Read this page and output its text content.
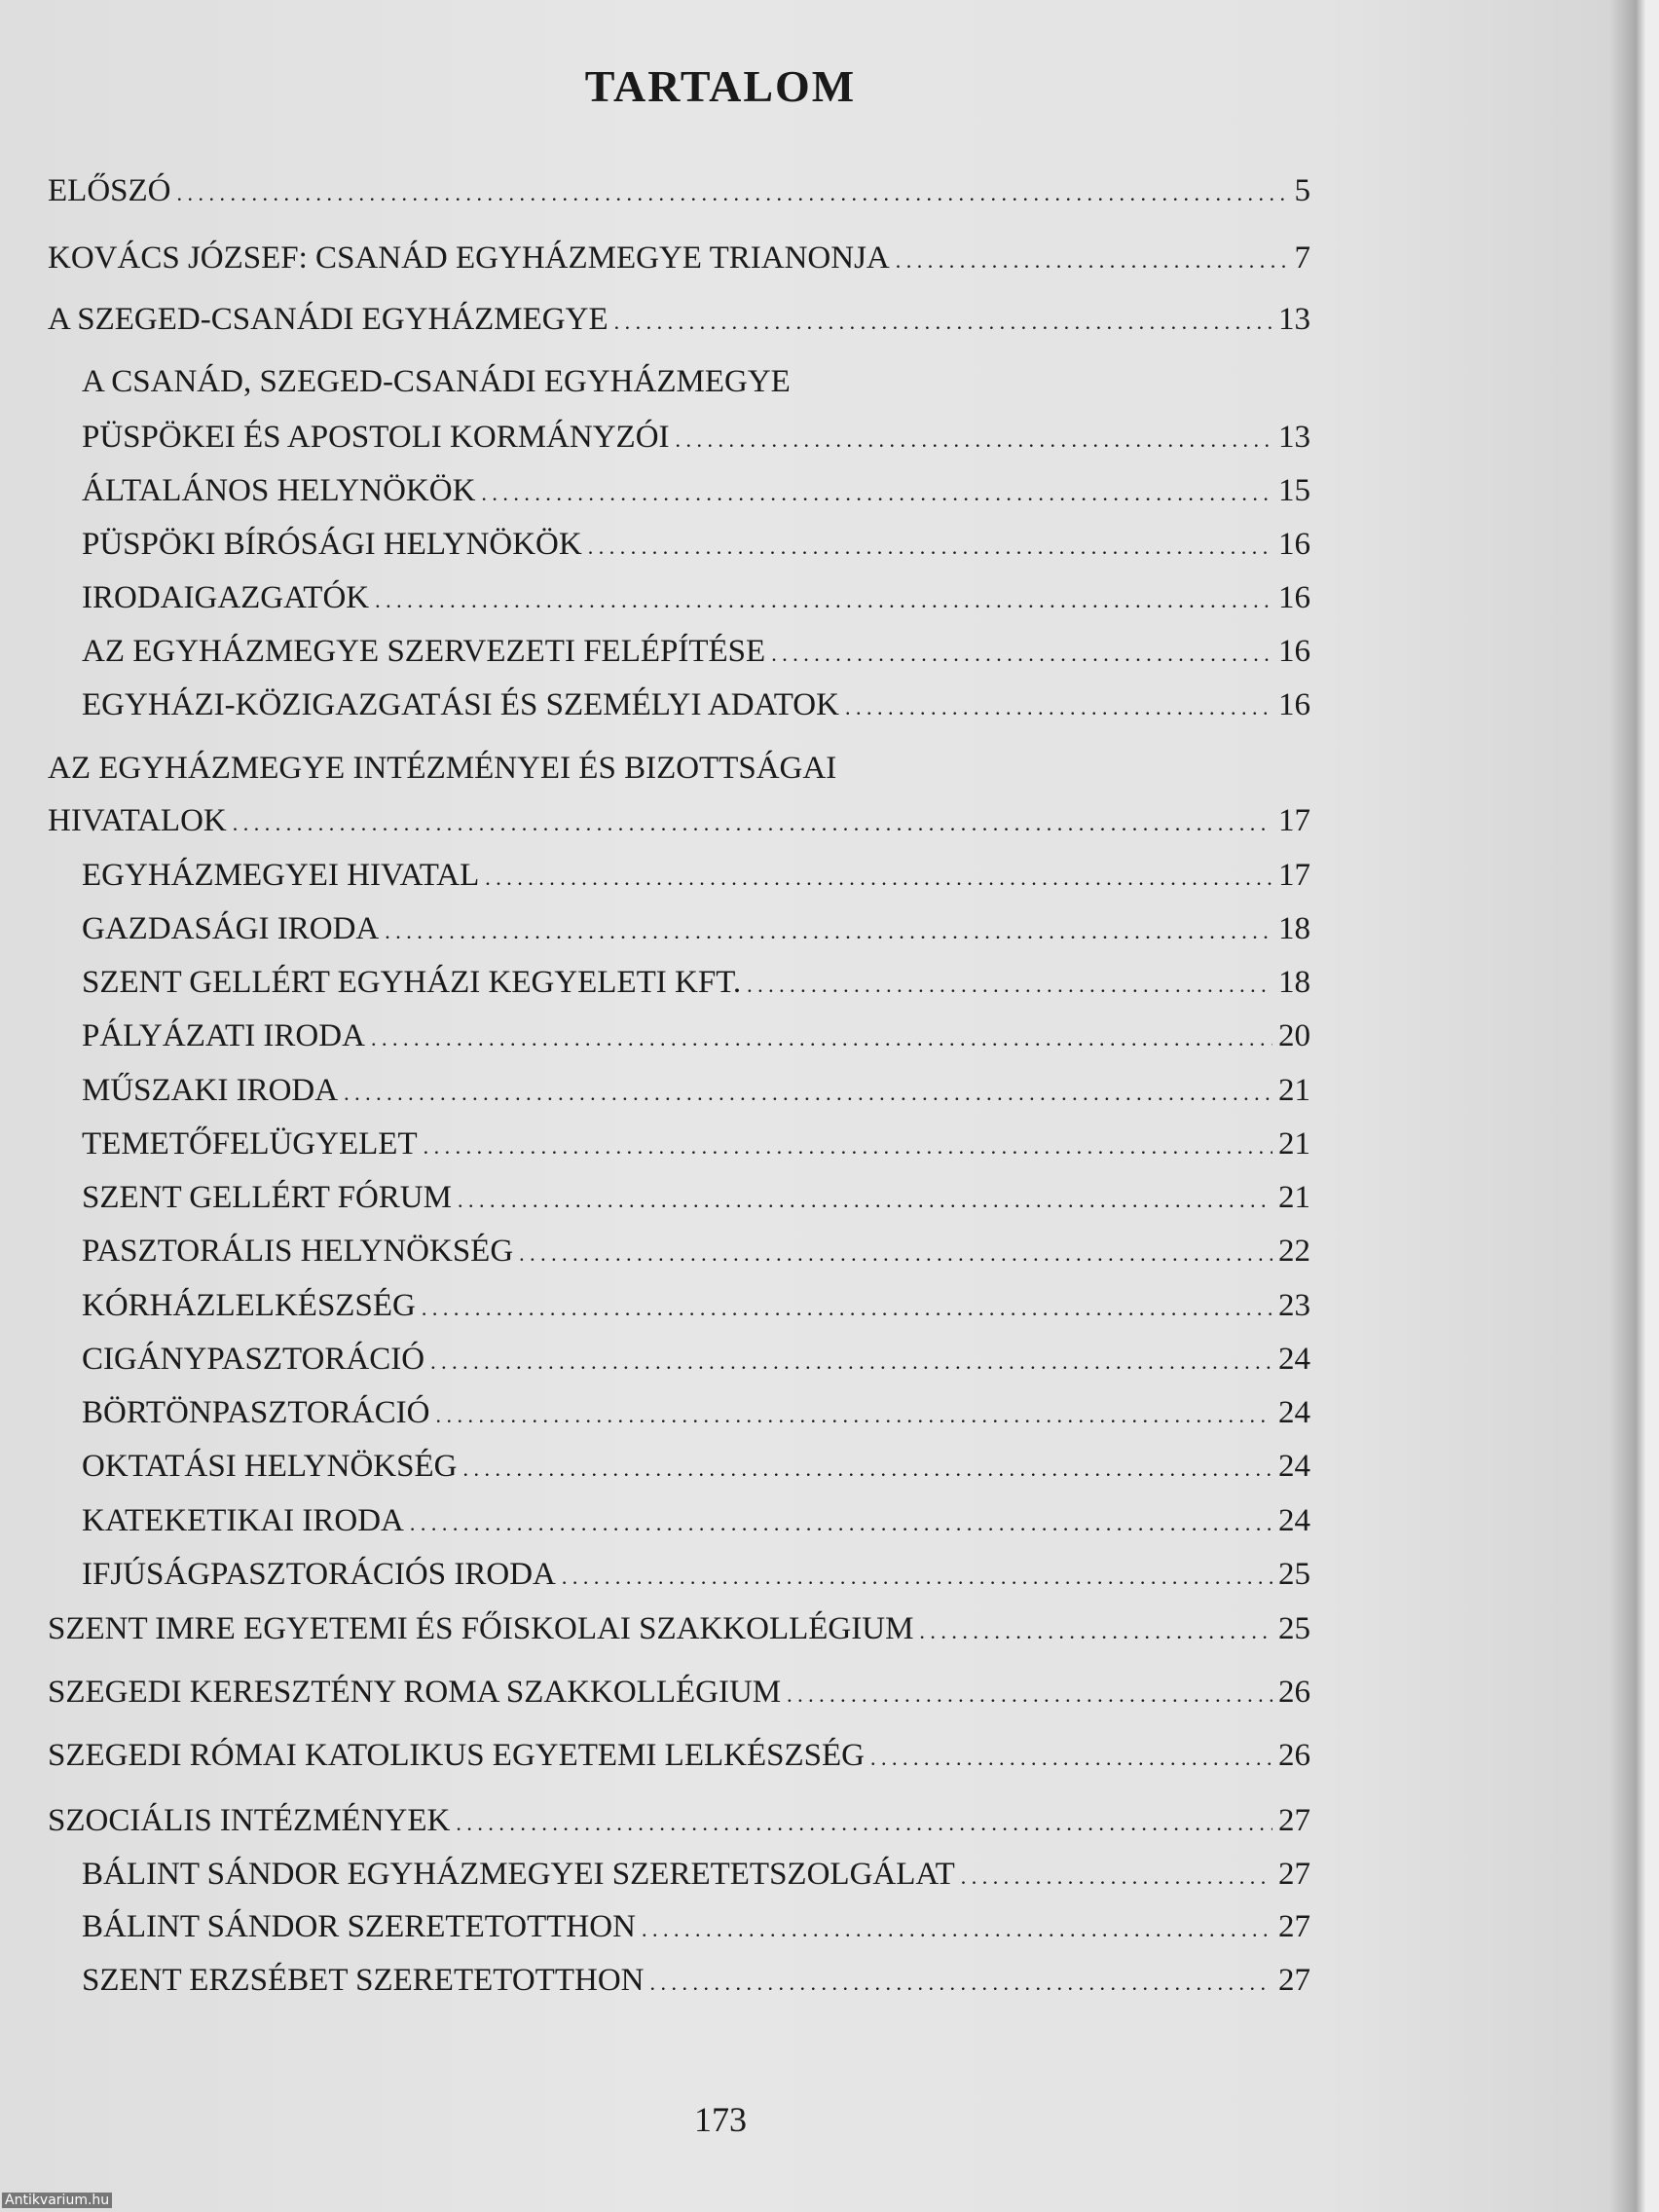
TARTALOM
ELŐSZÓ . . .	5
KOVÁCS JÓZSEF: CSANÁD EGYHÁZMEGYE TRIANONJA . . .	7
A SZEGED-CSANÁDI EGYHÁZMEGYE . . .	13
A CSANÁD, SZEGED-CSANÁDI EGYHÁZMEGYE
PÜSPÖKEI ÉS APOSTOLI KORMÁNYZÓI . . .	13
ÁLTALÁNOS HELYNÖKÖK . . .	15
PÜSPÖKI BÍRÓSÁGI HELYNÖKÖK . . .	16
IRODAIGAZGATÓK . . .	16
AZ EGYHÁZMEGYE SZERVEZETI FELÉPÍTÉSE . . .	16
EGYHÁZI-KÖZIGAZGATÁSI ÉS SZEMÉLYI ADATOK . . .	16
AZ EGYHÁZMEGYE INTÉZMÉNYEI ÉS BIZOTTSÁGAI
HIVATALOK . . .	17
EGYHÁZMEGYEI HIVATAL . . .	17
GAZDASÁGI IRODA . . .	18
SZENT GELLÉRT EGYHÁZI KEGYELETI KFT. . . .	18
PÁLYÁZATI IRODA . . .	20
MŰSZAKI IRODA . . .	21
TEMETŐFELÜGYELET . . .	21
SZENT GELLÉRT FÓRUM . . .	21
PASZTORÁLIS HELYNÖKSÉG . . .	22
KÓRHÁZLELKÉSZSÉG . . .	23
CIGÁNYPASZTORÁCIÓ . . .	24
BÖRTÖNPASZTORÁCIÓ . . .	24
OKTATÁSI HELYNÖKSÉG . . .	24
KATEKETIKAI IRODA . . .	24
IFJÚSÁGPASZTORÁCIÓS IRODA . . .	25
SZENT IMRE EGYETEMI ÉS FŐISKOLAI SZAKKOLLÉGIUM . . .	25
SZEGEDI KERESZTÉNY ROMA SZAKKOLLÉGIUM . . .	26
SZEGEDI RÓMAI KATOLIKUS EGYETEMI LELKÉSZSÉG . . .	26
SZOCIÁLIS INTÉZMÉNYEK . . .	27
BÁLINT SÁNDOR EGYHÁZMEGYEI SZERETETSZOLGÁLAT . . .	27
BÁLINT SÁNDOR SZERETETOTTHON . . .	27
SZENT ERZSÉBET SZERETETOTTHON . . .	27
173
Antikvarium.hu
